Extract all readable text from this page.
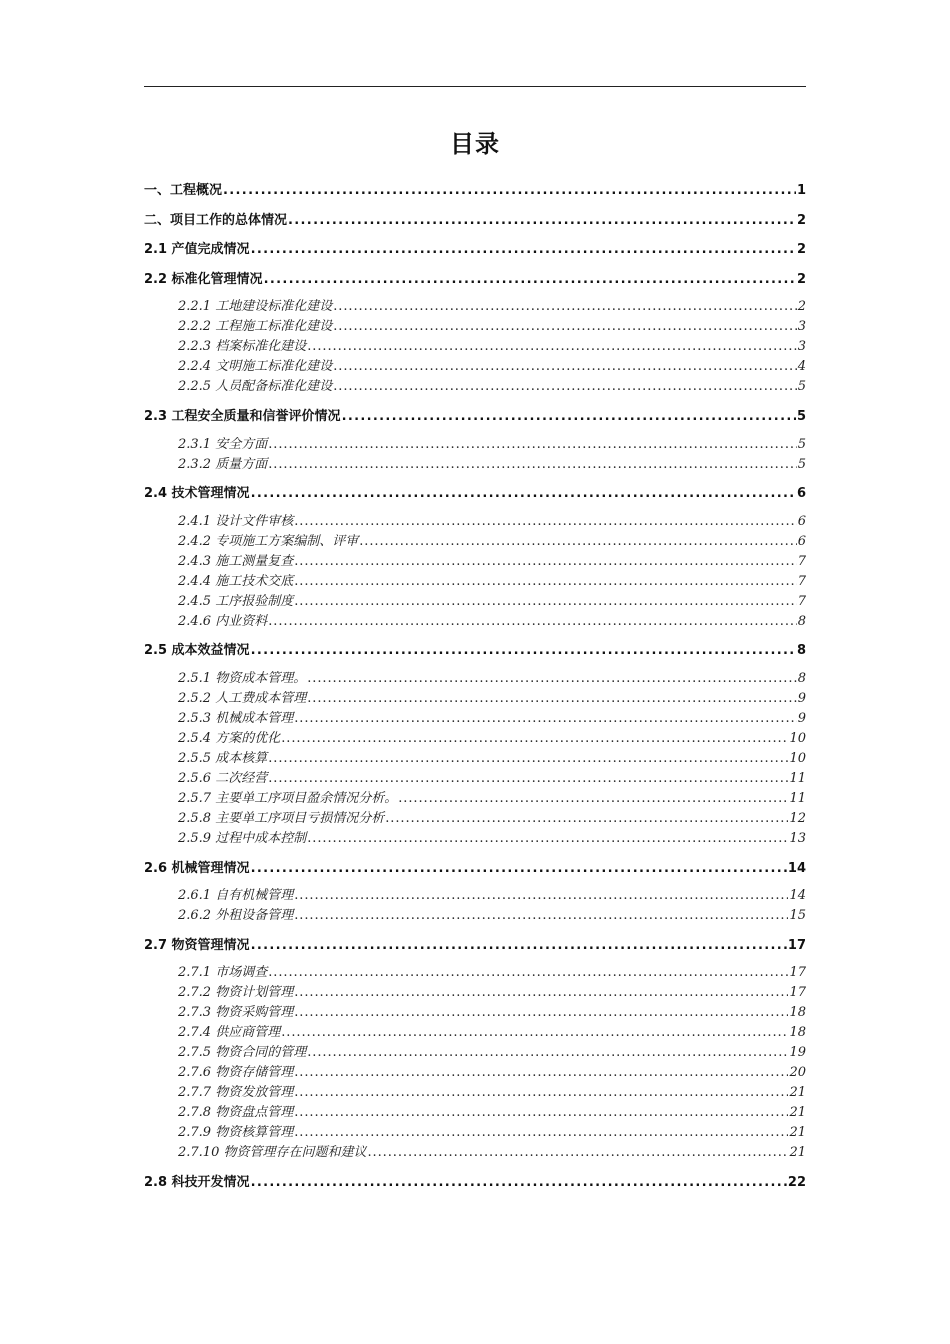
目录
一、工程概况 . . .	1
二、项目工作的总体情况 . . .	2
2.1 产值完成情况 . . .	2
2.2 标准化管理情况 . . .	2
2.2.1 工地建设标准化建设 . . .	2
2.2.2 工程施工标准化建设 . . .	3
2.2.3 档案标准化建设 . . .	3
2.2.4 文明施工标准化建设 . . .	4
2.2.5 人员配备标准化建设 . . .	5
2.3 工程安全质量和信誉评价情况 . . .	5
2.3.1 安全方面 . . .	5
2.3.2 质量方面 . . .	5
2.4 技术管理情况 . . .	6
2.4.1 设计文件审核 . . .	6
2.4.2 专项施工方案编制、评审 . . .	6
2.4.3 施工测量复查 . . .	7
2.4.4 施工技术交底 . . .	7
2.4.5 工序报验制度 . . .	7
2.4.6 内业资料 . . .	8
2.5 成本效益情况 . . .	8
2.5.1 物资成本管理。 . . .	8
2.5.2 人工费成本管理 . . .	9
2.5.3 机械成本管理 . . .	9
2.5.4 方案的优化 . . .	10
2.5.5 成本核算 . . .	10
2.5.6 二次经营 . . .	11
2.5.7 主要单工序项目盈余情况分析。 . . .	11
2.5.8 主要单工序项目亏损情况分析 . . .	12
2.5.9 过程中成本控制 . . .	13
2.6 机械管理情况 . . .	14
2.6.1 自有机械管理 . . .	14
2.6.2 外租设备管理 . . .	15
2.7 物资管理情况 . . .	17
2.7.1 市场调查 . . .	17
2.7.2 物资计划管理 . . .	17
2.7.3 物资采购管理 . . .	18
2.7.4 供应商管理 . . .	18
2.7.5 物资合同的管理 . . .	19
2.7.6 物资存储管理 . . .	20
2.7.7 物资发放管理 . . .	21
2.7.8 物资盘点管理 . . .	21
2.7.9 物资核算管理 . . .	21
2.7.10 物资管理存在问题和建议 . . .	21
2.8 科技开发情况 . . .	22
